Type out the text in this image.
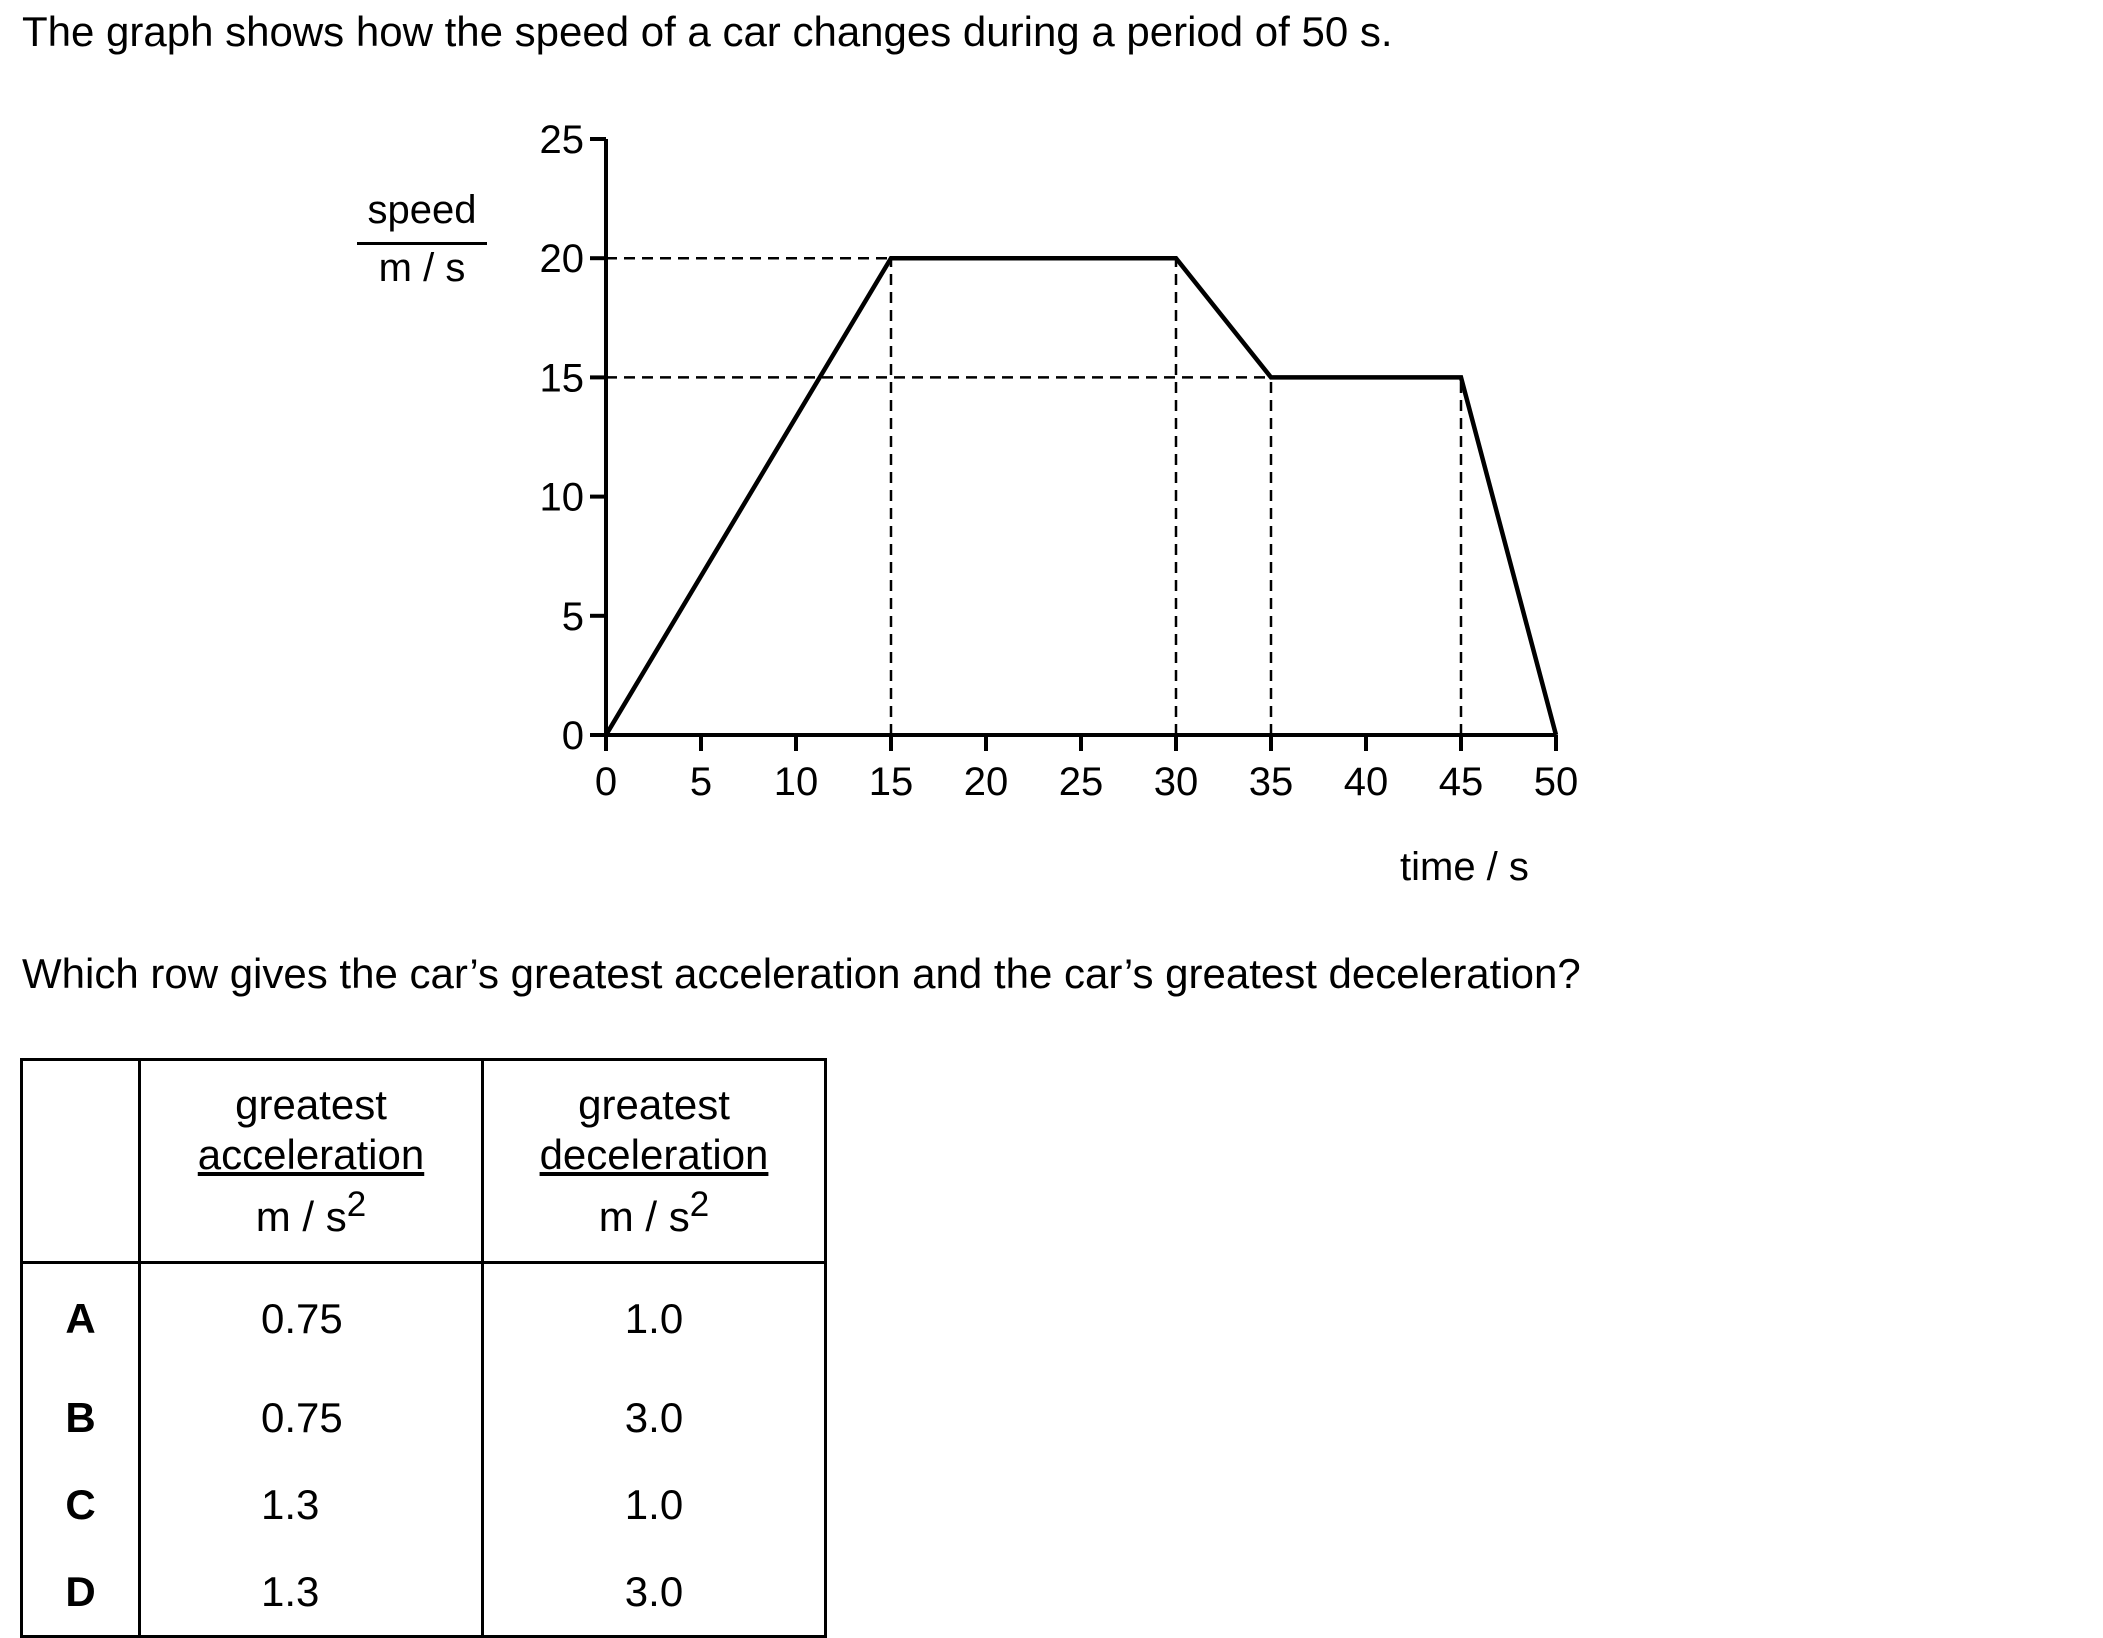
The graph shows how the speed of a car changes during a period of 50 s.
0
5
10
15
20
25
0 5 10 15 20 25 30 35 40 45 50
speed
m / s
time / s
Which row gives the car’s greatest acceleration and the car’s greatest deceleration?

	greatest
acceleration
m / $s^2$	greatest
deceleration
m / $s^2$

A	0.75	1.0
B	0.75	3.0
C	1.3	1.0
D	1.3	3.0
